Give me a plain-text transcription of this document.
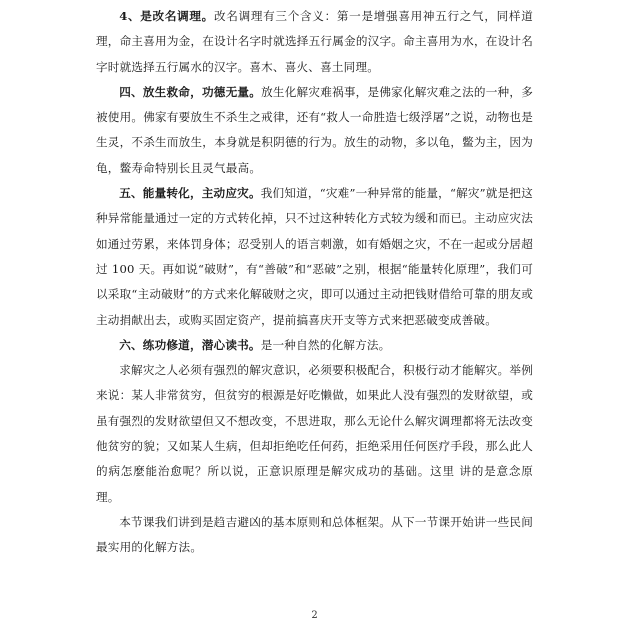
4、是改名调理。改名调理有三个含义：第一是增强喜用神五行之气，同样道理，命主喜用为金，在设计名字时就选择五行属金的汉字。命主喜用为水，在设计名字时就选择五行属水的汉字。喜木、喜火、喜土同理。

四、放生救命，功德无量。放生化解灾难祸事，是佛家化解灾难之法的一种，多被使用。佛家有要放生不杀生之戒律，还有“救人一命胜造七级浮屠”之说，动物也是生灵，不杀生而放生，本身就是积阴德的行为。放生的动物，多以龟，鳖为主，因为龟，鳖寿命特别长且灵气最高。

五、能量转化，主动应灾。我们知道，“灾难”一种异常的能量，“解灾”就是把这种异常能量通过一定的方式转化掉，只不过这种转化方式较为缓和而已。主动应灾法如通过劳累，来体罚身体；忍受别人的语言刺激，如有婚姻之灾，不在一起或分居超过 100 天。再如说“破财”，有“善破”和“恶破”之别，根据“能量转化原理”，我们可以采取“主动破财”的方式来化解破财之灾，即可以通过主动把钱财借给可靠的朋友或主动捐献出去，或购买固定资产，提前搞喜庆开支等方式来把恶破变成善破。

六、练功修道，潜心读书。是一种自然的化解方法。

求解灾之人必须有强烈的解灾意识，必须要积极配合，积极行动才能解灾。举例来说：某人非常贫穷，但贫穷的根源是好吃懒做，如果此人没有强烈的发财欲望，或虽有强烈的发财欲望但又不想改变，不思进取，那么无论什么解灾调理都将无法改变他贫穷的貌；又如某人生病，但却拒绝吃任何药，拒绝采用任何医疗手段，那么此人的病怎麼能治愈呢？所以说，正意识原理是解灾成功的基础。这里 讲的是意念原理。

本节课我们讲到是趋吉避凶的基本原则和总体框架。从下一节课开始讲一些民间最实用的化解方法。

2
